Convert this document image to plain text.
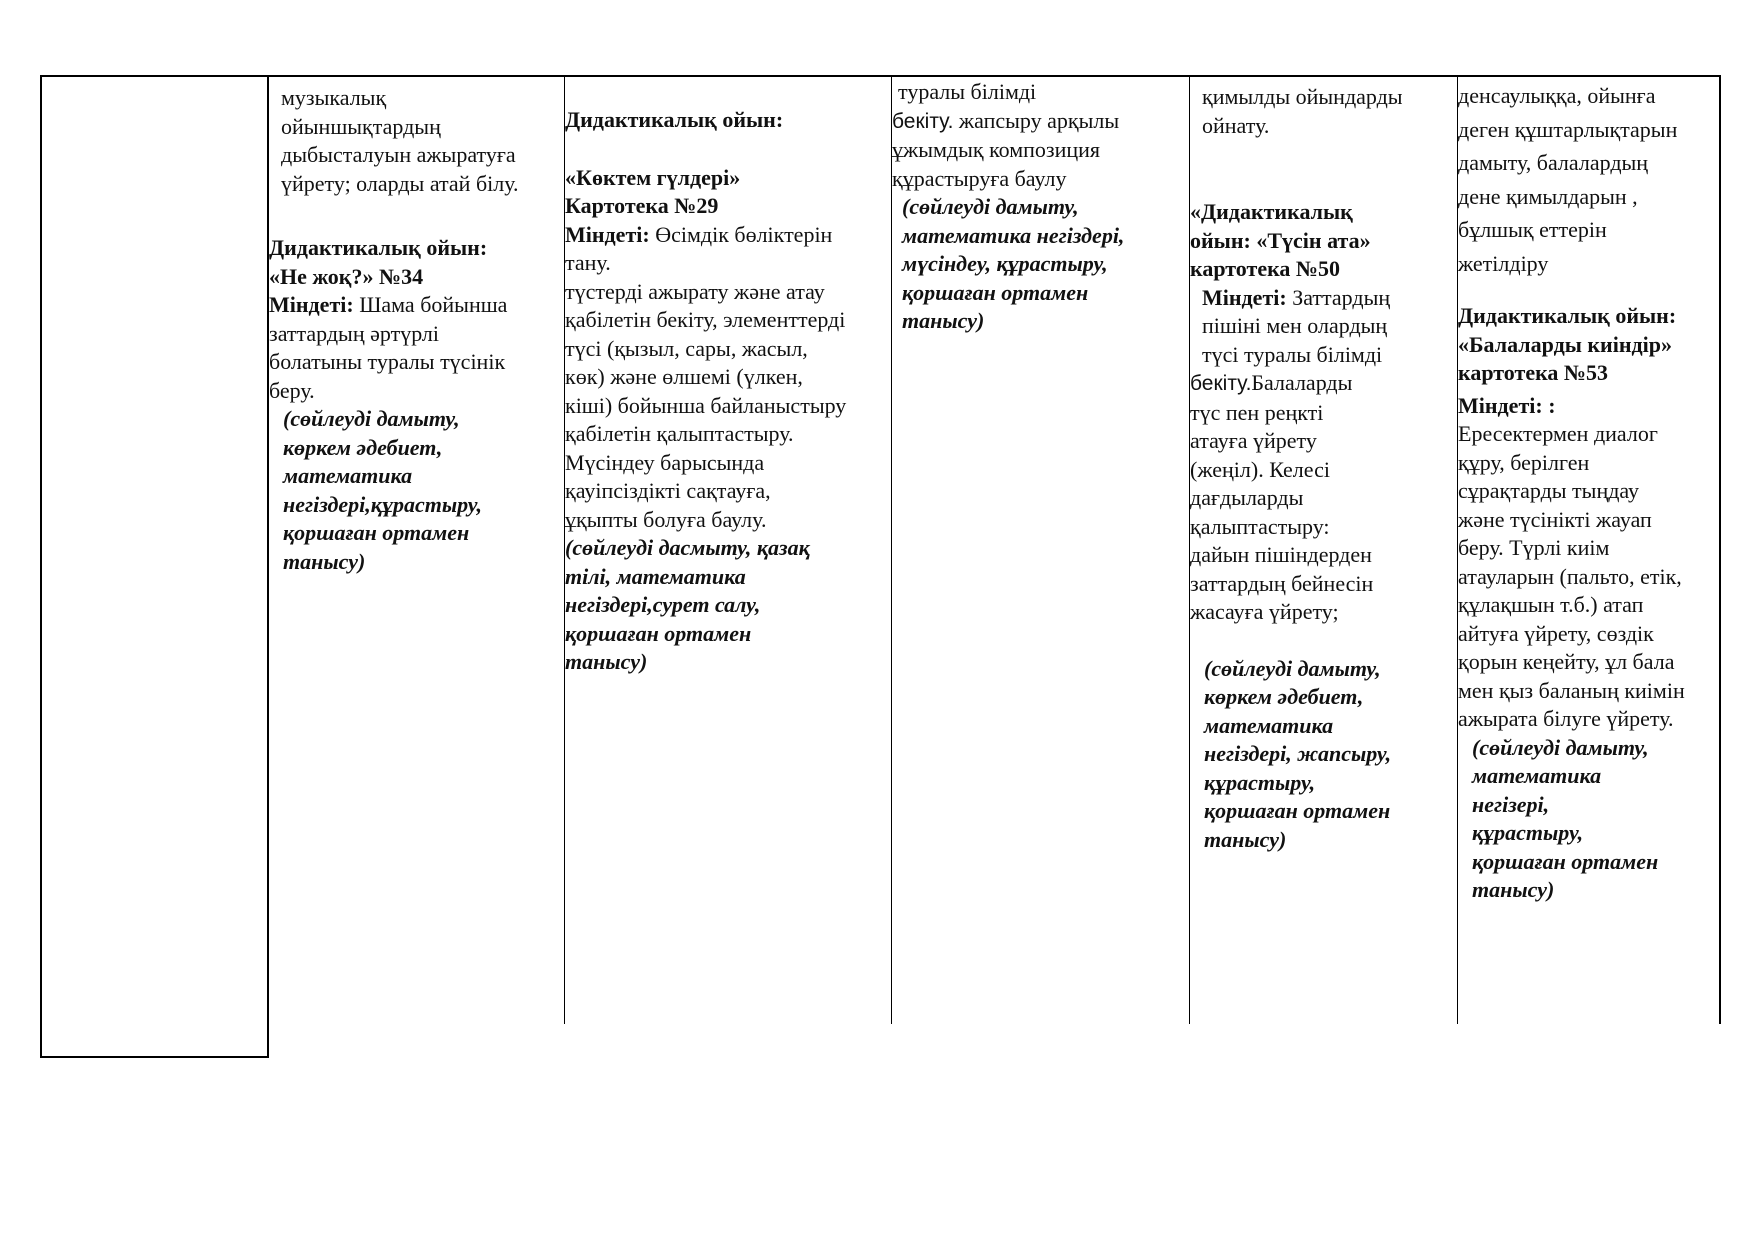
музыкалық

ойыншықтардың

дыбысталуын ажыратуға

үйрету; оларды атай білу.

Дидактикалық ойын:

«Не жоқ?» №34

Міндеті: Шама бойынша

заттардың әртүрлі

болатыны туралы түсінік

беру.

(сөйлеуді дамыту,

көркем әдебиет,

математика

негіздері,құрастыру,

қоршаған ортамен

танысу)

Дидактикалық ойын:

«Көктем гүлдері»

Картотека №29

Міндеті: Өсімдік бөліктерін

тану.

түстерді ажырату және атау

қабілетін бекіту, элементтерді

түсі (қызыл, сары, жасыл,

көк) және өлшемі (үлкен,

кіші) бойынша байланыстыру

қабілетін қалыптастыру.

Мүсіндеу барысында

қауіпсіздікті сақтауға,

ұқыпты болуға баулу.

(сөйлеуді дасмыту, қазақ

тілі, математика

негіздері,сурет салу,

қоршаған ортамен

танысу)

туралы білімді

бекіту. жапсыру арқылы

ұжымдық композиция

құрастыруға баулу

(сөйлеуді дамыту,

математика негіздері,

мүсіндеу, құрастыру,

қоршаған ортамен

танысу)

қимылды ойындарды

ойнату.

«Дидактикалық

ойын: «Түсін ата»

картотека №50

Міндеті: Заттардың

пішіні мен олардың

түсі туралы білімді

бекіту.Балаларды

түс пен реңкті

атауға үйрету

(жеңіл). Келесі

дағдыларды

қалыптастыру:

дайын пішіндерден

заттардың бейнесін

жасауға үйрету;

(сөйлеуді дамыту,

көркем әдебиет,

математика

негіздері, жапсыру,

құрастыру,

қоршаған ортамен

танысу)

денсаулыққа, ойынға

деген құштарлықтарын

дамыту, балалардың

дене қимылдарын ,

бұлшық еттерін

жетілдіру

Дидактикалық ойын:

«Балаларды киіндір»

картотека №53

Міндеті: :

Ересектермен диалог

құру, берілген

сұрақтарды тыңдау

және түсінікті жауап

беру. Түрлі киім

атауларын (пальто, етік,

құлақшын т.б.) атап

айтуға үйрету, сөздік

қорын кеңейту, ұл бала

мен қыз баланың киімін

ажырата білуге үйрету.

(сөйлеуді дамыту,

математика

негізері,

құрастыру,

қоршаған ортамен

танысу)
